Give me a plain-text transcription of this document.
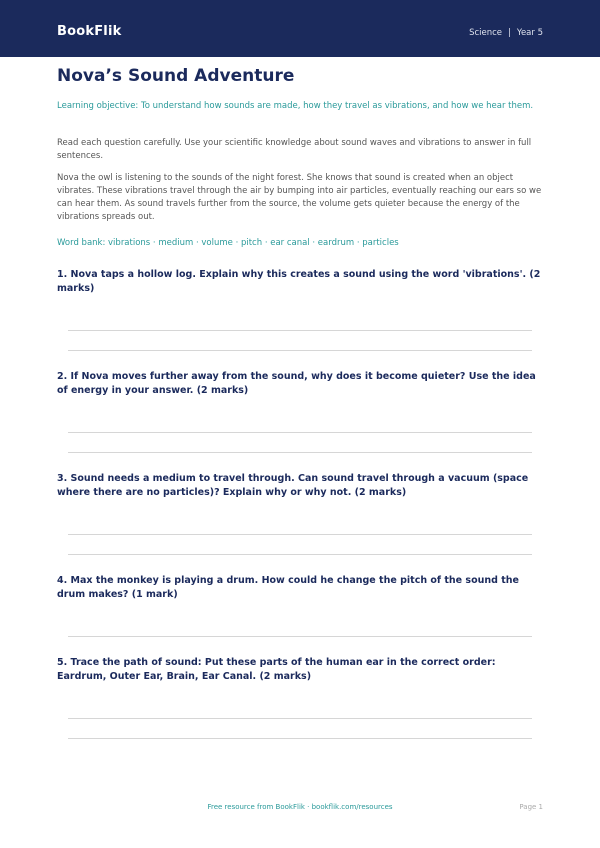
BookFlik	Science | Year 5
Nova’s Sound Adventure

Learning objective: To understand how sounds are made, how they travel as vibrations, and how we hear them.

Read each question carefully. Use your scientific knowledge about sound waves and vibrations to answer in full sentences.

Nova the owl is listening to the sounds of the night forest. She knows that sound is created when an object vibrates. These vibrations travel through the air by bumping into air particles, eventually reaching our ears so we can hear them. As sound travels further from the source, the volume gets quieter because the energy of the vibrations spreads out.

Word bank: vibrations · medium · volume · pitch · ear canal · eardrum · particles

1. Nova taps a hollow log. Explain why this creates a sound using the word 'vibrations'. (2 marks)
2. If Nova moves further away from the sound, why does it become quieter? Use the idea of energy in your answer. (2 marks)
3. Sound needs a medium to travel through. Can sound travel through a vacuum (space where there are no particles)? Explain why or why not. (2 marks)
4. Max the monkey is playing a drum. How could he change the pitch of the sound the drum makes? (1 mark)
5. Trace the path of sound: Put these parts of the human ear in the correct order: Eardrum, Outer Ear, Brain, Ear Canal. (2 marks)
Free resource from BookFlik · bookflik.com/resources	Page 1
